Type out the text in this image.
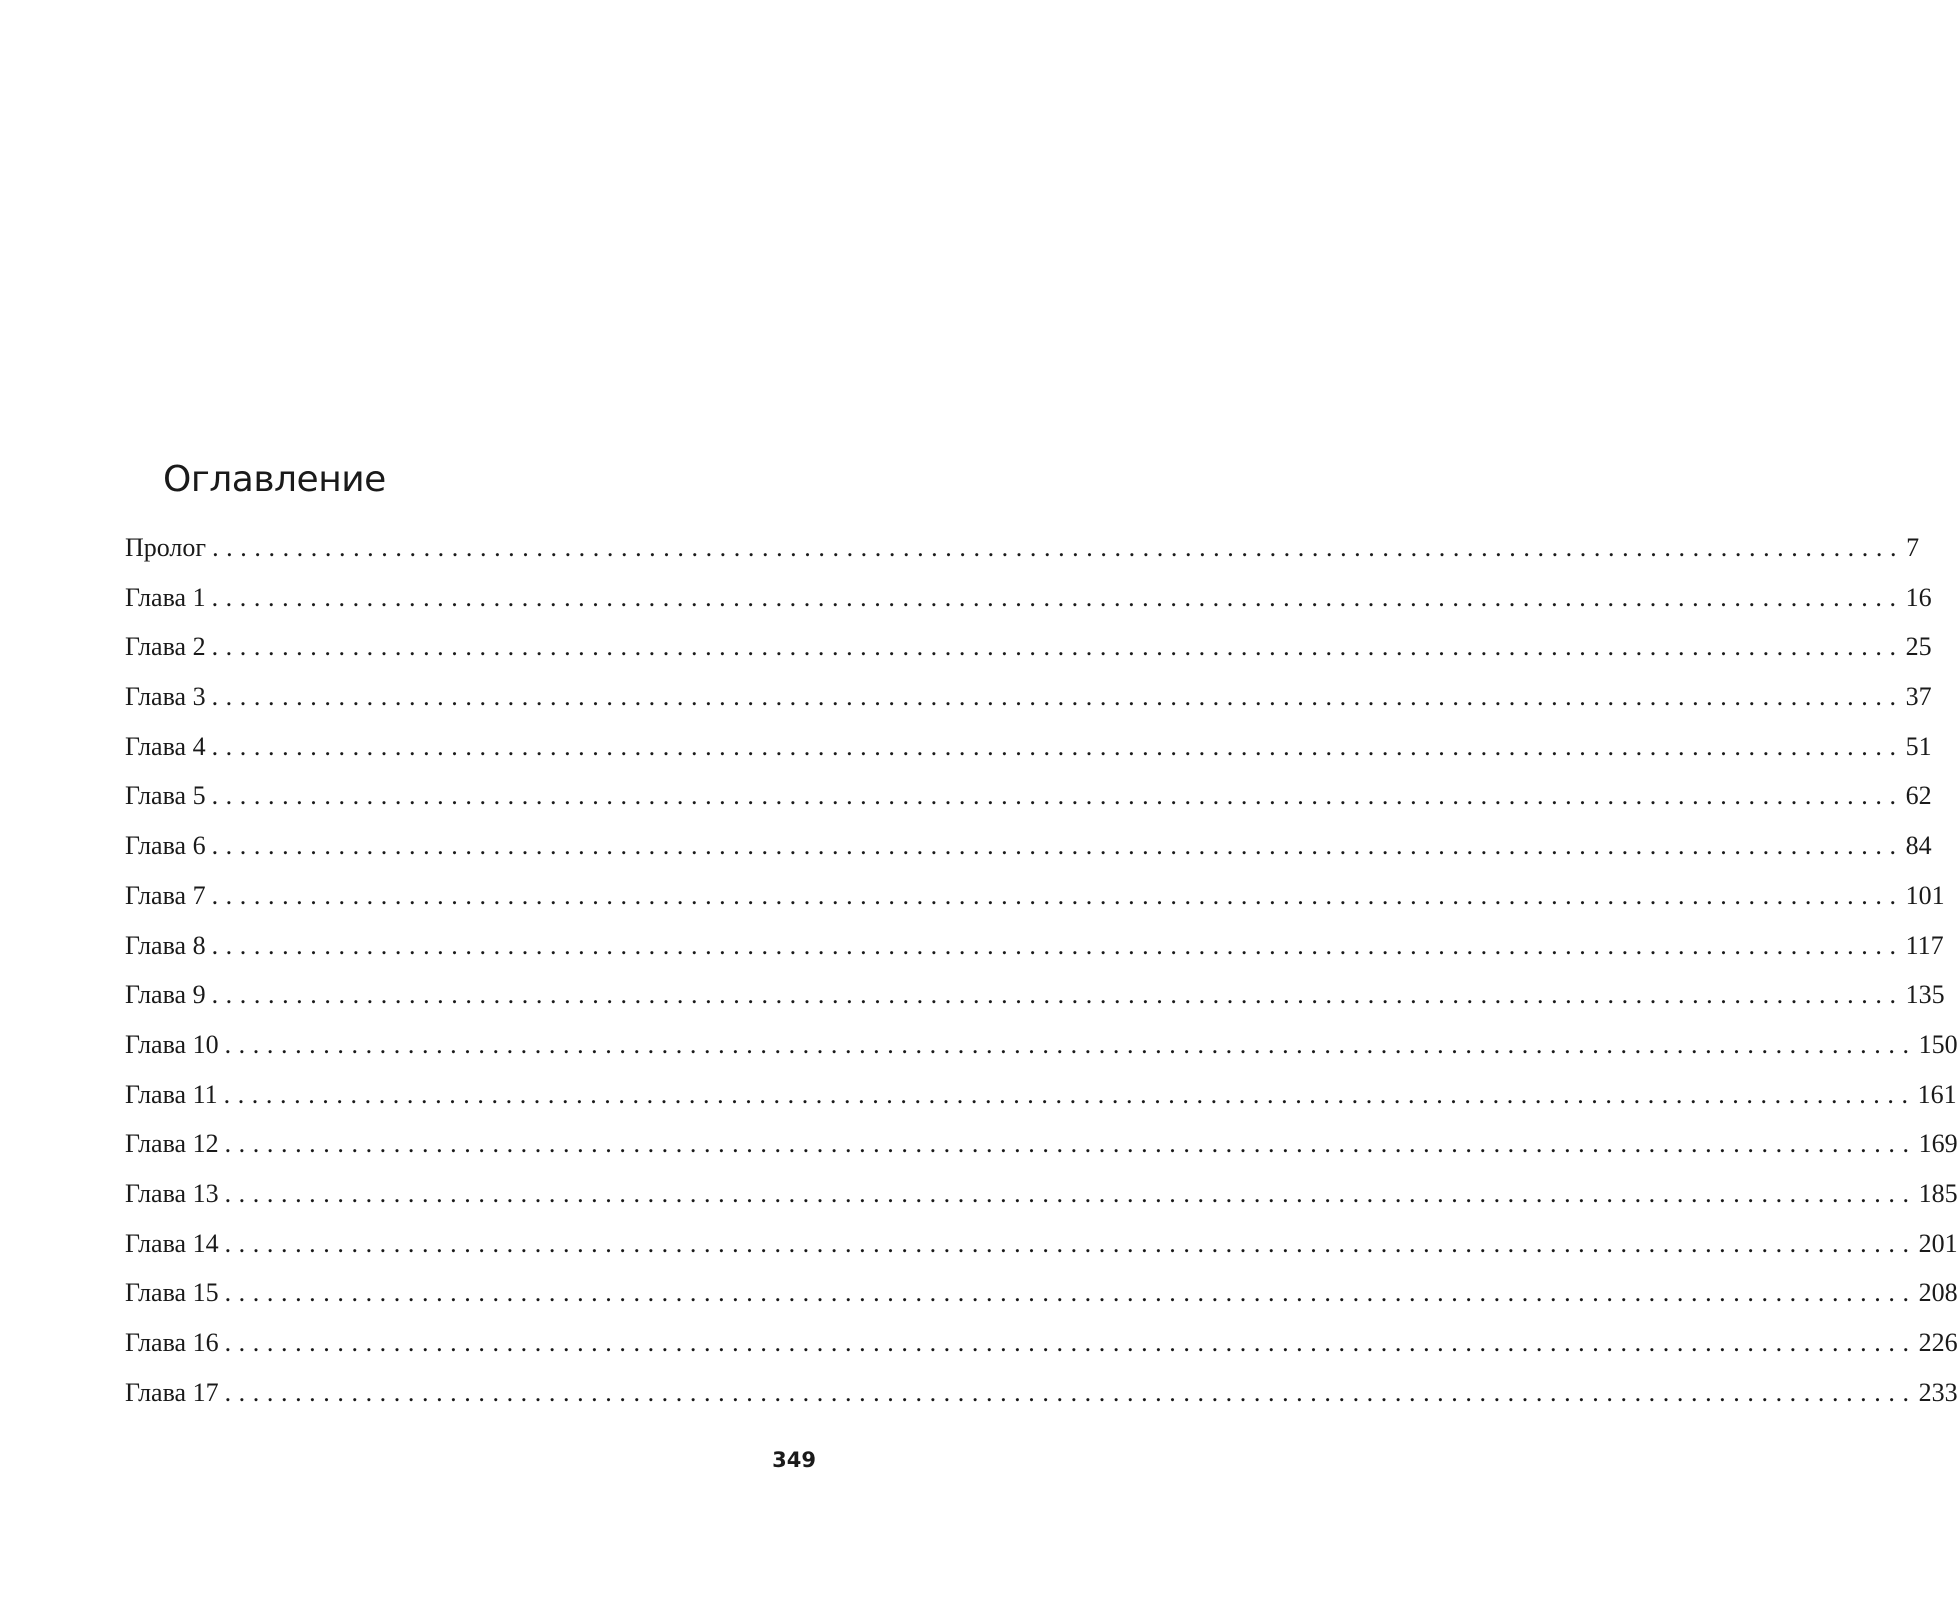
Оглавление
Пролог ........................................................................................................................ 7
Глава 1 ........................................................................................................................ 16
Глава 2 ........................................................................................................................ 25
Глава 3 ........................................................................................................................ 37
Глава 4 ........................................................................................................................ 51
Глава 5 ........................................................................................................................ 62
Глава 6 ........................................................................................................................ 84
Глава 7 ........................................................................................................................ 101
Глава 8 ........................................................................................................................ 117
Глава 9 ........................................................................................................................ 135
Глава 10 ........................................................................................................................ 150
Глава 11 ........................................................................................................................ 161
Глава 12 ........................................................................................................................ 169
Глава 13 ........................................................................................................................ 185
Глава 14 ........................................................................................................................ 201
Глава 15 ........................................................................................................................ 208
Глава 16 ........................................................................................................................ 226
Глава 17 ........................................................................................................................ 233
349
